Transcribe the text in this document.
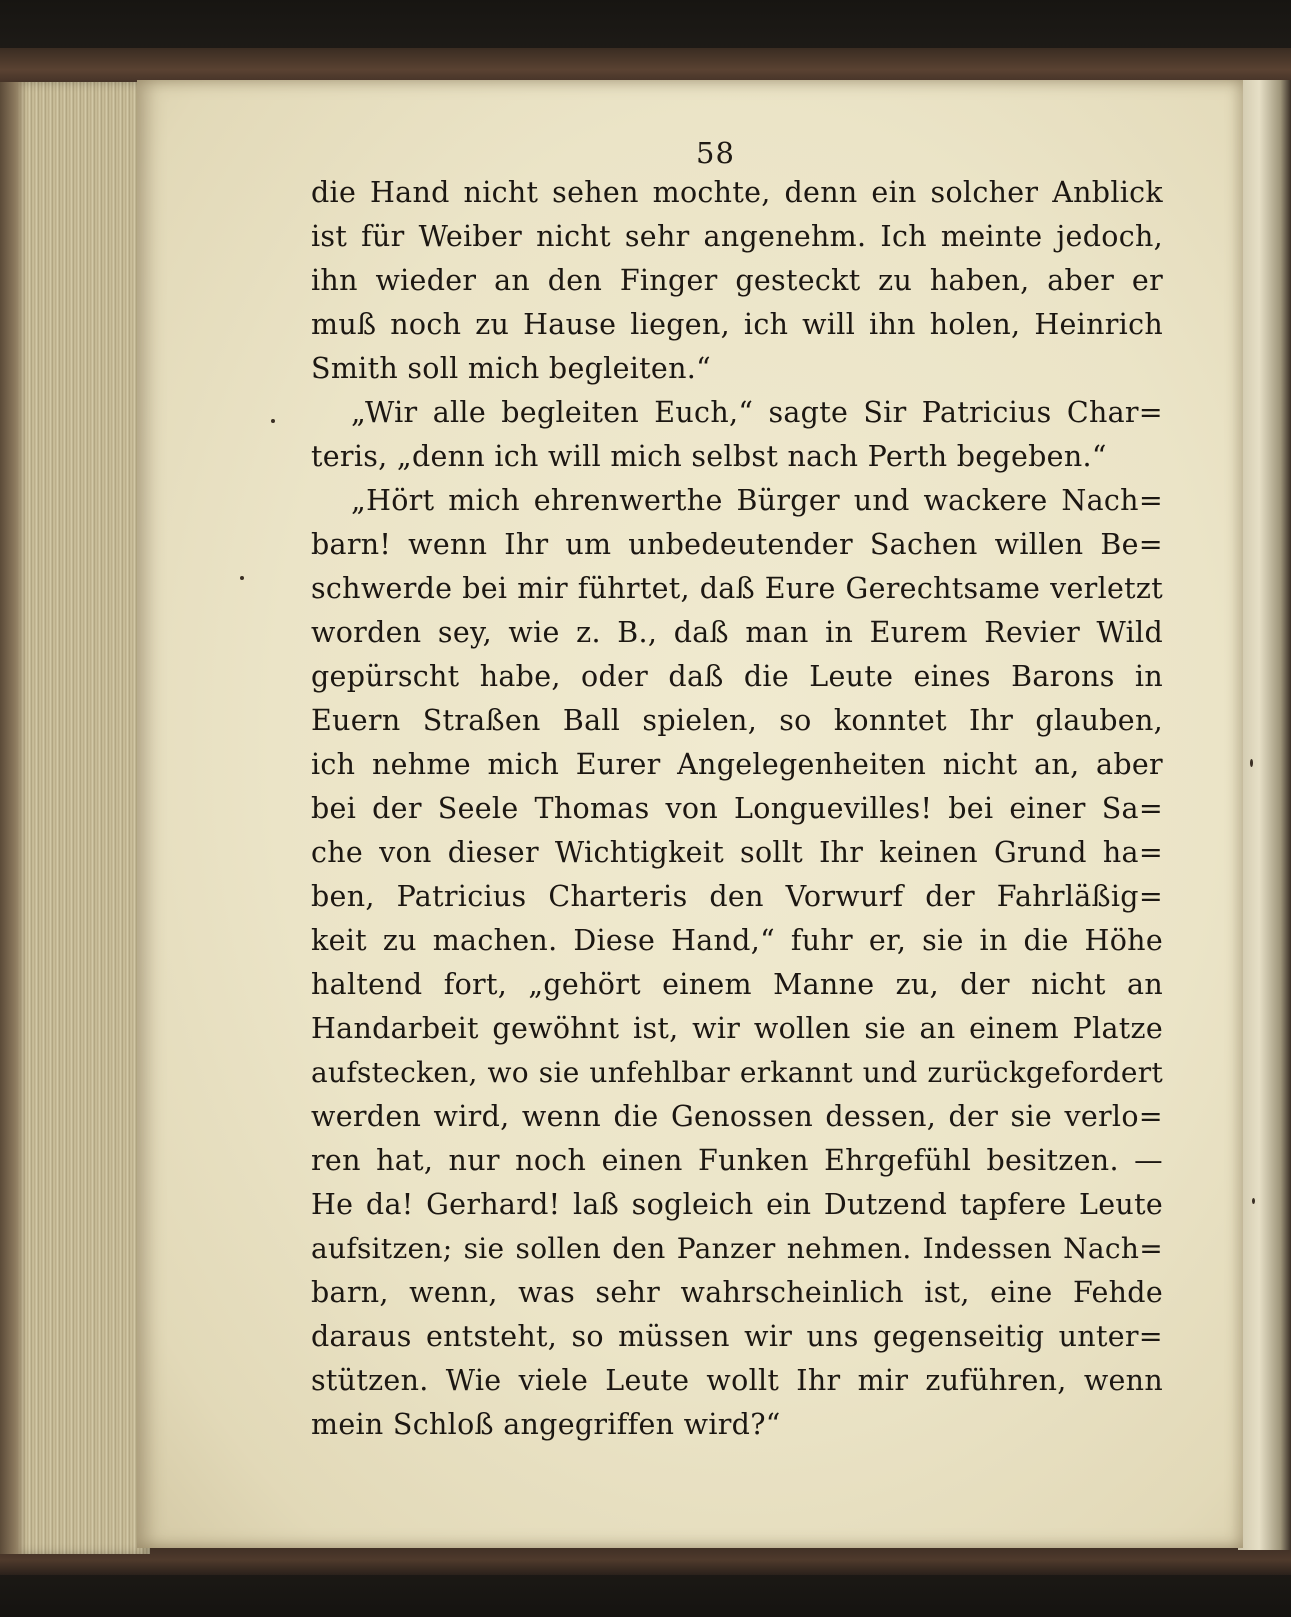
58
die Hand nicht sehen mochte, denn ein solcher Anblick
ist für Weiber nicht sehr angenehm. Ich meinte jedoch,
ihn wieder an den Finger gesteckt zu haben, aber er
muß noch zu Hause liegen, ich will ihn holen, Heinrich
Smith soll mich begleiten.“
„Wir alle begleiten Euch,“ sagte Sir Patricius Char=
teris, „denn ich will mich selbst nach Perth begeben.“
„Hört mich ehrenwerthe Bürger und wackere Nach=
barn! wenn Ihr um unbedeutender Sachen willen Be=
schwerde bei mir führtet, daß Eure Gerechtsame verletzt
worden sey, wie z. B., daß man in Eurem Revier Wild
gepürscht habe, oder daß die Leute eines Barons in
Euern Straßen Ball spielen, so konntet Ihr glauben,
ich nehme mich Eurer Angelegenheiten nicht an, aber
bei der Seele Thomas von Longuevilles! bei einer Sa=
che von dieser Wichtigkeit sollt Ihr keinen Grund ha=
ben, Patricius Charteris den Vorwurf der Fahrläßig=
keit zu machen. Diese Hand,“ fuhr er, sie in die Höhe
haltend fort, „gehört einem Manne zu, der nicht an
Handarbeit gewöhnt ist, wir wollen sie an einem Platze
aufstecken, wo sie unfehlbar erkannt und zurückgefordert
werden wird, wenn die Genossen dessen, der sie verlo=
ren hat, nur noch einen Funken Ehrgefühl besitzen. —
He da! Gerhard! laß sogleich ein Dutzend tapfere Leute
aufsitzen; sie sollen den Panzer nehmen. Indessen Nach=
barn, wenn, was sehr wahrscheinlich ist, eine Fehde
daraus entsteht, so müssen wir uns gegenseitig unter=
stützen. Wie viele Leute wollt Ihr mir zuführen, wenn
mein Schloß angegriffen wird?“
